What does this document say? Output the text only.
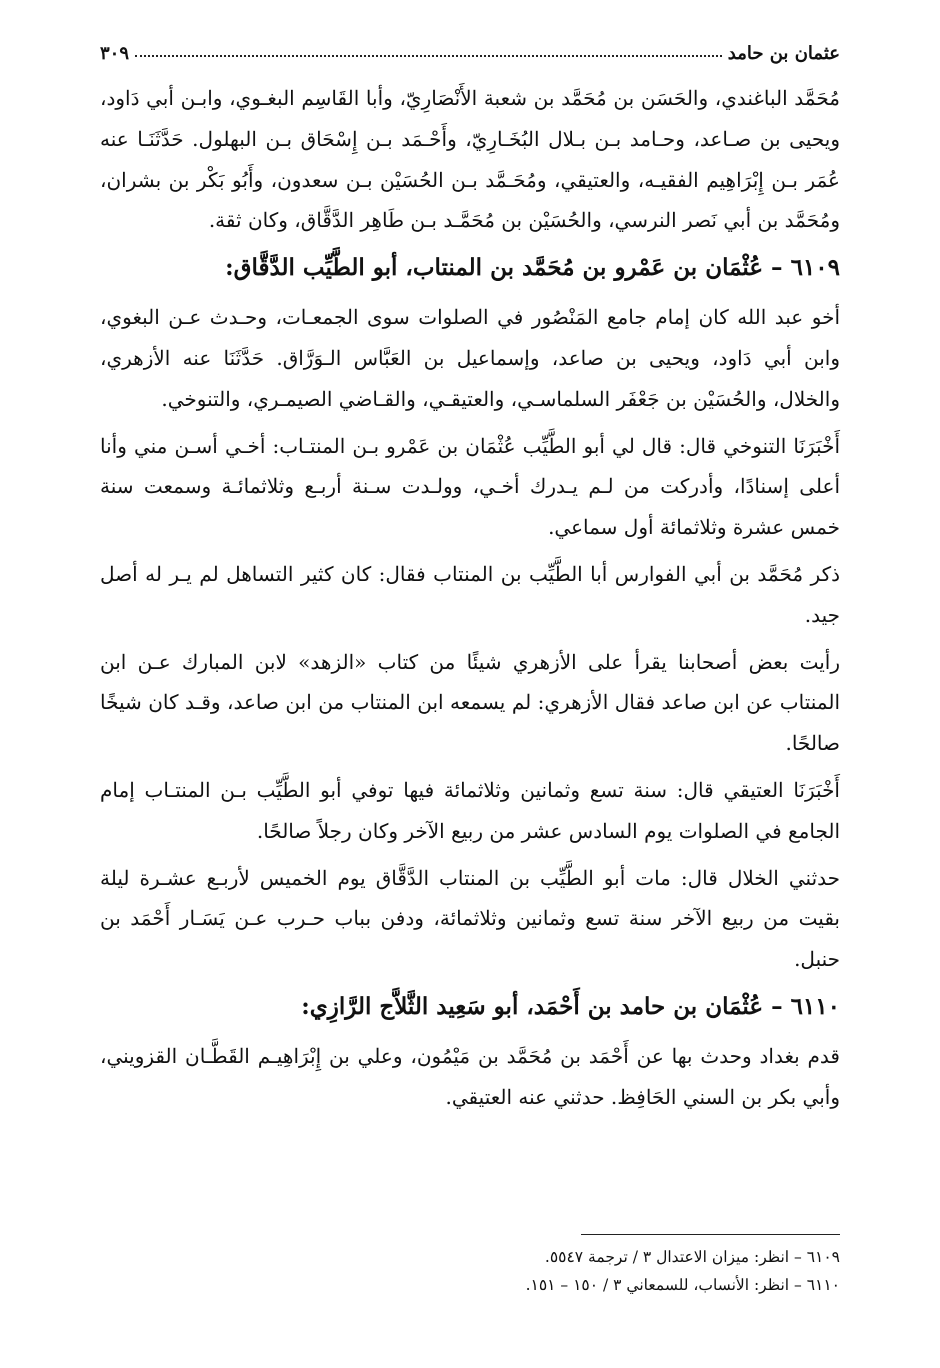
عثمان بن حامد
٣٠٩

مُحَمَّد الباغندي، والحَسَن بن مُحَمَّد بن شعبة الأَنْصَارِيّ، وأبا القَاسِم البغـوي، وابـن أبي دَاود، ويحيى بن صـاعد، وحـامد بـن بـلال البُخَـارِيّ، وأَحْـمَد بـن إِسْحَاق بـن البهلول. حَدَّثَنَـا عنه عُمَر بـن إِبْرَاهِيم الفقيـه، والعتيقي، ومُحَـمَّد بـن الحُسَيْن بـن سعدون، وأَبُو بَكْر بن بشران، ومُحَمَّد بن أبي نَصر النرسي، والحُسَيْن بن مُحَمَّـد بـن طَاهِر الدَّقَّاق، وكان ثقة.

٦١٠٩ – عُثْمَان بن عَمْرو بن مُحَمَّد بن المنتاب، أبو الطَّيِّب الدَّقَّاق:

أخو عبد الله كان إمام جامع المَنْصُور في الصلوات سوى الجمعـات، وحـدث عـن البغوي، وابن أبي دَاود، ويحيى بن صاعد، وإسماعيل بن العَبَّاس الـوَرَّاق. حَدَّثَنَا عنه الأزهري، والخلال، والحُسَيْن بن جَعْفَر السلماسـي، والعتيقـي، والقـاضي الصيمـري، والتنوخي.

أَخْبَرَنَا التنوخي قال: قال لي أبو الطَّيِّب عُثْمَان بن عَمْرو بـن المنتـاب: أخـي أسـن مني وأنا أعلى إسنادًا، وأدركت من لـم يـدرك أخـي، وولـدت سـنة أربـع وثلاثمائـة وسمعت سنة خمس عشرة وثلاثمائة أول سماعي.

ذكر مُحَمَّد بن أبي الفوارس أبا الطَّيِّب بن المنتاب فقال: كان كثير التساهل لم يـر له أصل جيد.

رأيت بعض أصحابنا يقرأ على الأزهري شيئًا من كتاب «الزهد» لابن المبارك عـن ابن المنتاب عن ابن صاعد فقال الأزهري: لم يسمعه ابن المنتاب من ابن صاعد، وقـد كان شيخًا صالحًا.

أَخْبَرَنَا العتيقي قال: سنة تسع وثمانين وثلاثمائة فيها توفي أبو الطَّيِّب بـن المنتـاب إمام الجامع في الصلوات يوم السادس عشر من ربيع الآخر وكان رجلاً صالحًا.

حدثني الخلال قال: مات أبو الطَّيِّب بن المنتاب الدَّقَّاق يوم الخميس لأربـع عشـرة ليلة بقيت من ربيع الآخر سنة تسع وثمانين وثلاثمائة، ودفن بباب حـرب عـن يَسَـار أَحْمَد بن حنبل.

٦١١٠ – عُثْمَان بن حامد بن أَحْمَد، أبو سَعِيد الثَّلاَّج الرَّازِي:

قدم بغداد وحدث بها عن أَحْمَد بن مُحَمَّد بن مَيْمُون، وعلي بن إِبْرَاهِيـم القَطَّـان القزويني، وأبي بكر بن السني الحَافِظ. حدثني عنه العتيقي.

٦١٠٩ – انظر: ميزان الاعتدال ٣ / ترجمة ٥٥٤٧.
٦١١٠ – انظر: الأنساب، للسمعاني ٣ / ١٥٠ – ١٥١.
